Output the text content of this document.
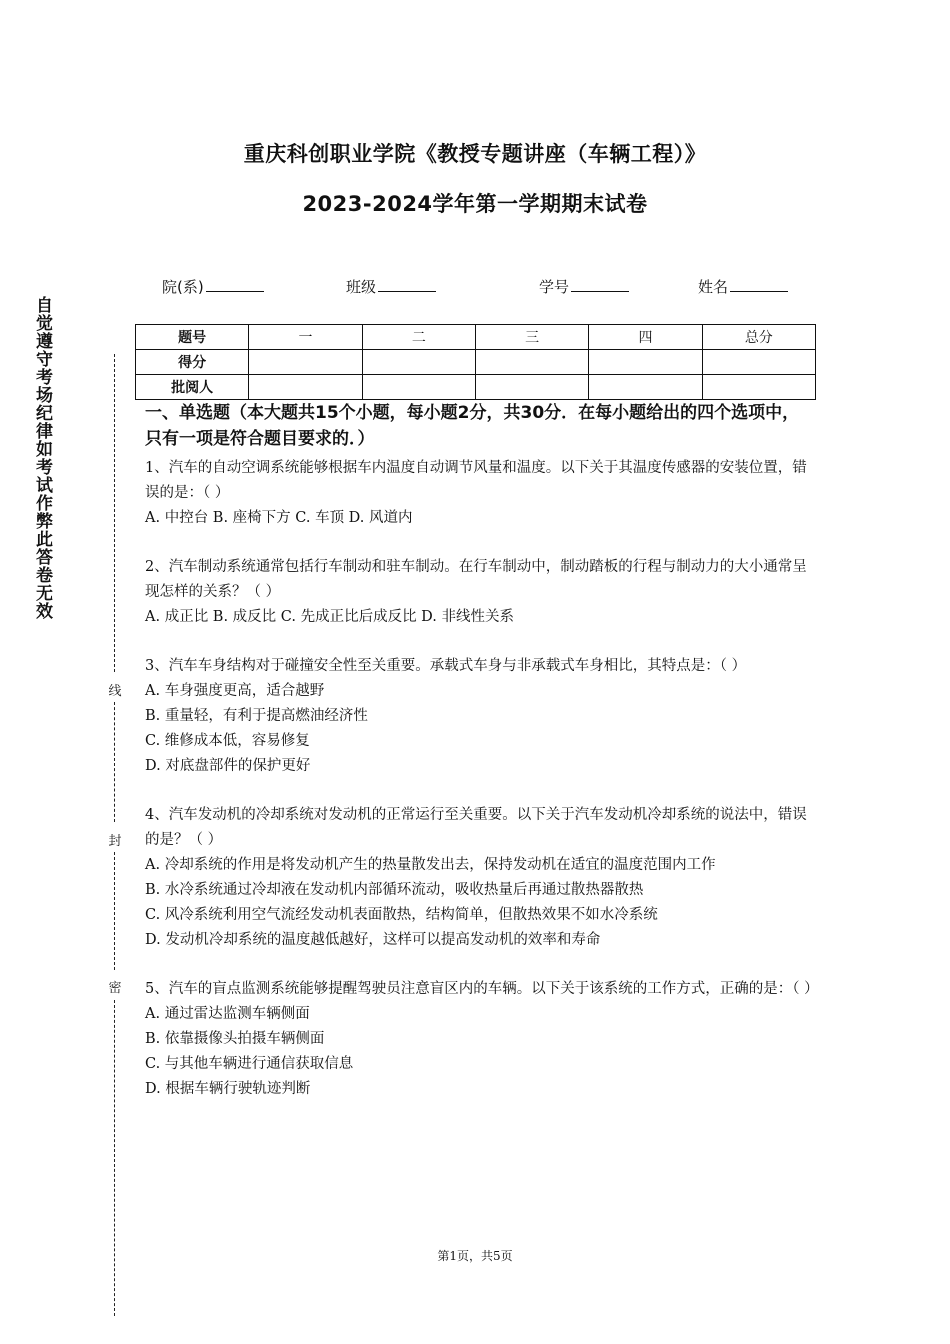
重庆科创职业学院《教授专题讲座（车辆工程）》
2023-2024学年第一学期期末试卷
院(系)	班级	学号	姓名
题号	一	二	三	四	总分
得分					
批阅人					
自觉遵守考场纪律如考试作弊此答卷无效
线
封
密

一、单选题（本大题共15个小题，每小题2分，共30分．在每小题给出的四个选项中，只有一项是符合题目要求的．）

1、汽车的自动空调系统能够根据车内温度自动调节风量和温度。以下关于其温度传感器的安装位置，错误的是：（ ）

A. 中控台 B. 座椅下方 C. 车顶 D. 风道内

2、汽车制动系统通常包括行车制动和驻车制动。在行车制动中，制动踏板的行程与制动力的大小通常呈现怎样的关系？（ ）

A. 成正比 B. 成反比 C. 先成正比后成反比 D. 非线性关系

3、汽车车身结构对于碰撞安全性至关重要。承载式车身与非承载式车身相比，其特点是：（ ）

A. 车身强度更高，适合越野

B. 重量轻，有利于提高燃油经济性

C. 维修成本低，容易修复

D. 对底盘部件的保护更好

4、汽车发动机的冷却系统对发动机的正常运行至关重要。以下关于汽车发动机冷却系统的说法中，错误的是？（ ）

A. 冷却系统的作用是将发动机产生的热量散发出去，保持发动机在适宜的温度范围内工作

B. 水冷系统通过冷却液在发动机内部循环流动，吸收热量后再通过散热器散热

C. 风冷系统利用空气流经发动机表面散热，结构简单，但散热效果不如水冷系统

D. 发动机冷却系统的温度越低越好，这样可以提高发动机的效率和寿命

5、汽车的盲点监测系统能够提醒驾驶员注意盲区内的车辆。以下关于该系统的工作方式，正确的是：（ ）

A. 通过雷达监测车辆侧面

B. 依靠摄像头拍摄车辆侧面

C. 与其他车辆进行通信获取信息

D. 根据车辆行驶轨迹判断

第1页，共5页
